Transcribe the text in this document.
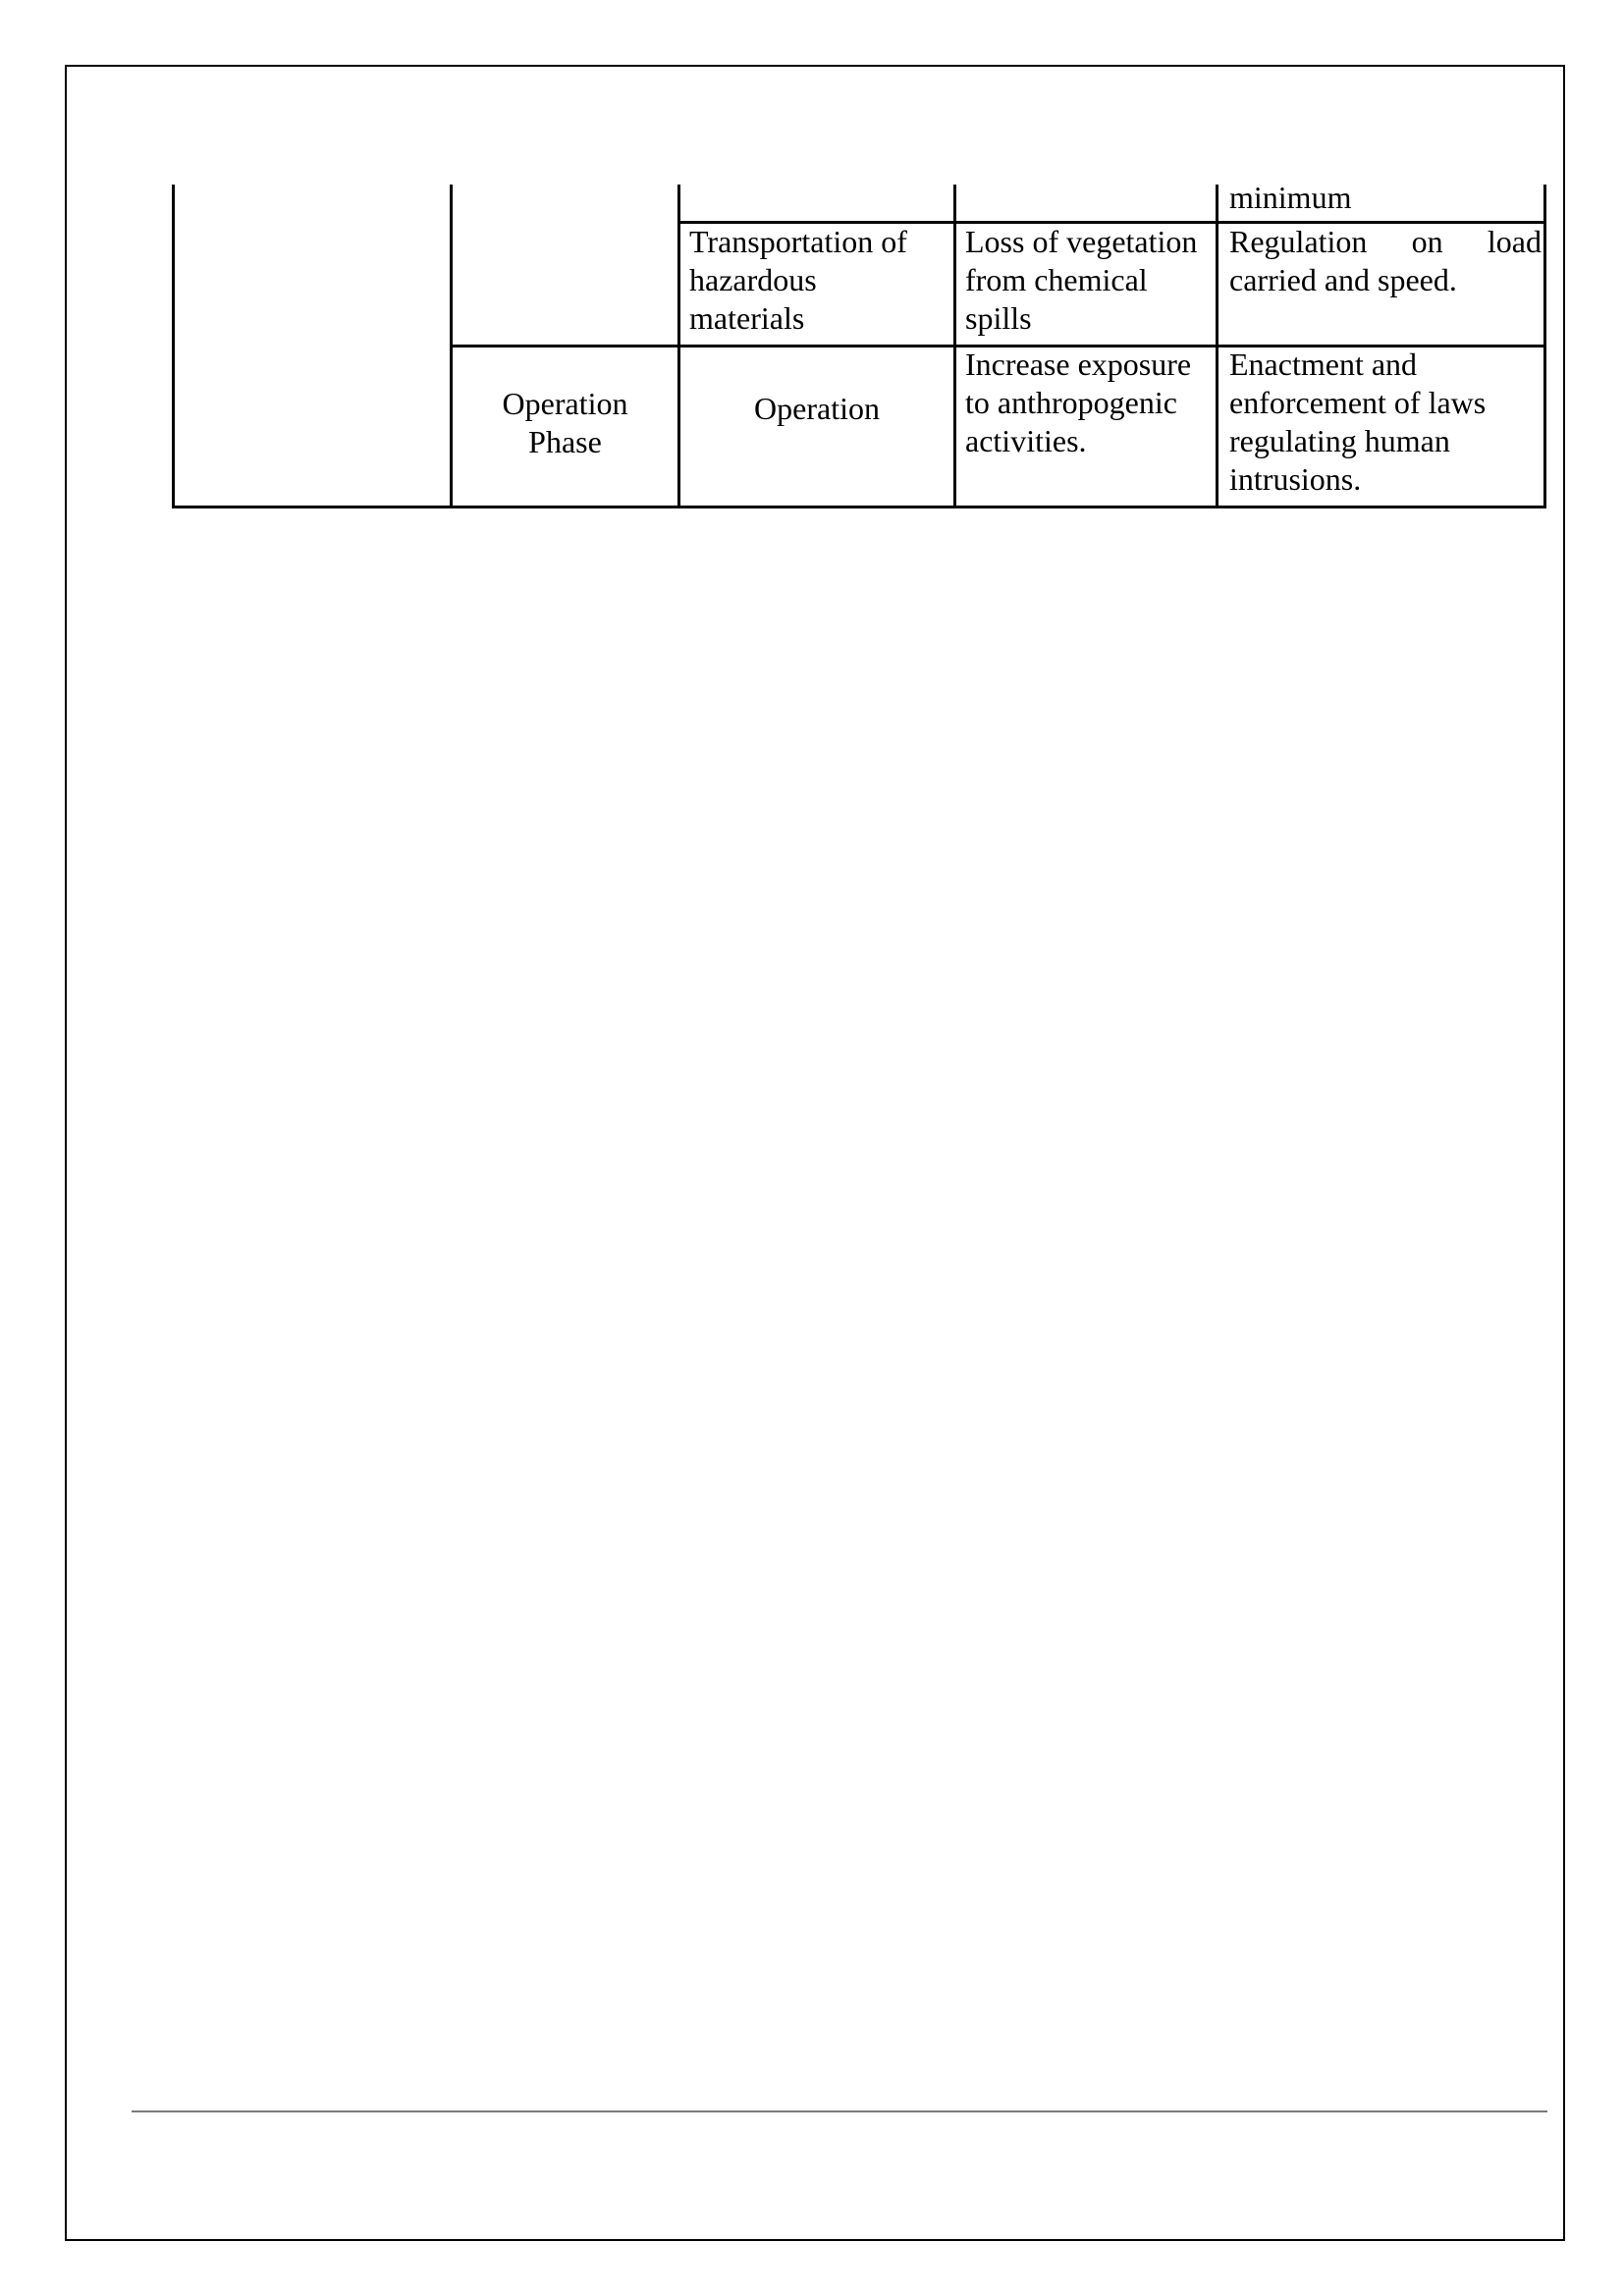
minimum
Transportation of
hazardous
materials
Loss of vegetation
from chemical
spills
Regulation on load
carried and speed.
Operation
Phase
Operation
Increase exposure
to anthropogenic
activities.
Enactment and
enforcement of laws
regulating human
intrusions.
